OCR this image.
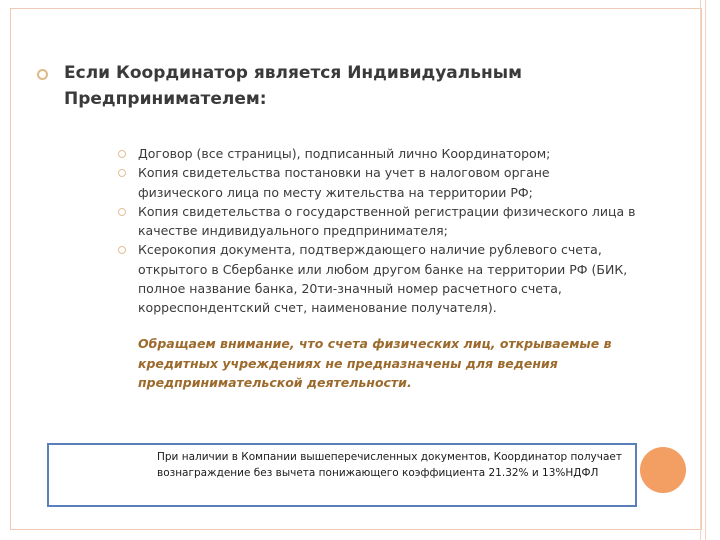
Если Координатор является Индивидуальным
Предпринимателем:
Договор (все страницы), подписанный лично Координатором;
Копия свидетельства постановки на учет в налоговом органе физического лица по месту жительства на территории РФ;
Копия свидетельства о государственной регистрации физического лица в качестве индивидуального предпринимателя;
Ксерокопия документа, подтверждающего наличие рублевого счета, открытого в Сбербанке или любом другом банке на территории РФ (БИК, полное название банка, 20ти-значный номер расчетного счета, корреспондентский счет, наименование получателя).
Обращаем внимание, что счета физических лиц, открываемые в кредитных учреждениях не предназначены для ведения предпринимательской деятельности.
При наличии в Компании вышеперечисленных документов, Координатор получает вознаграждение без вычета понижающего коэффициента 21.32% и 13%НДФЛ
